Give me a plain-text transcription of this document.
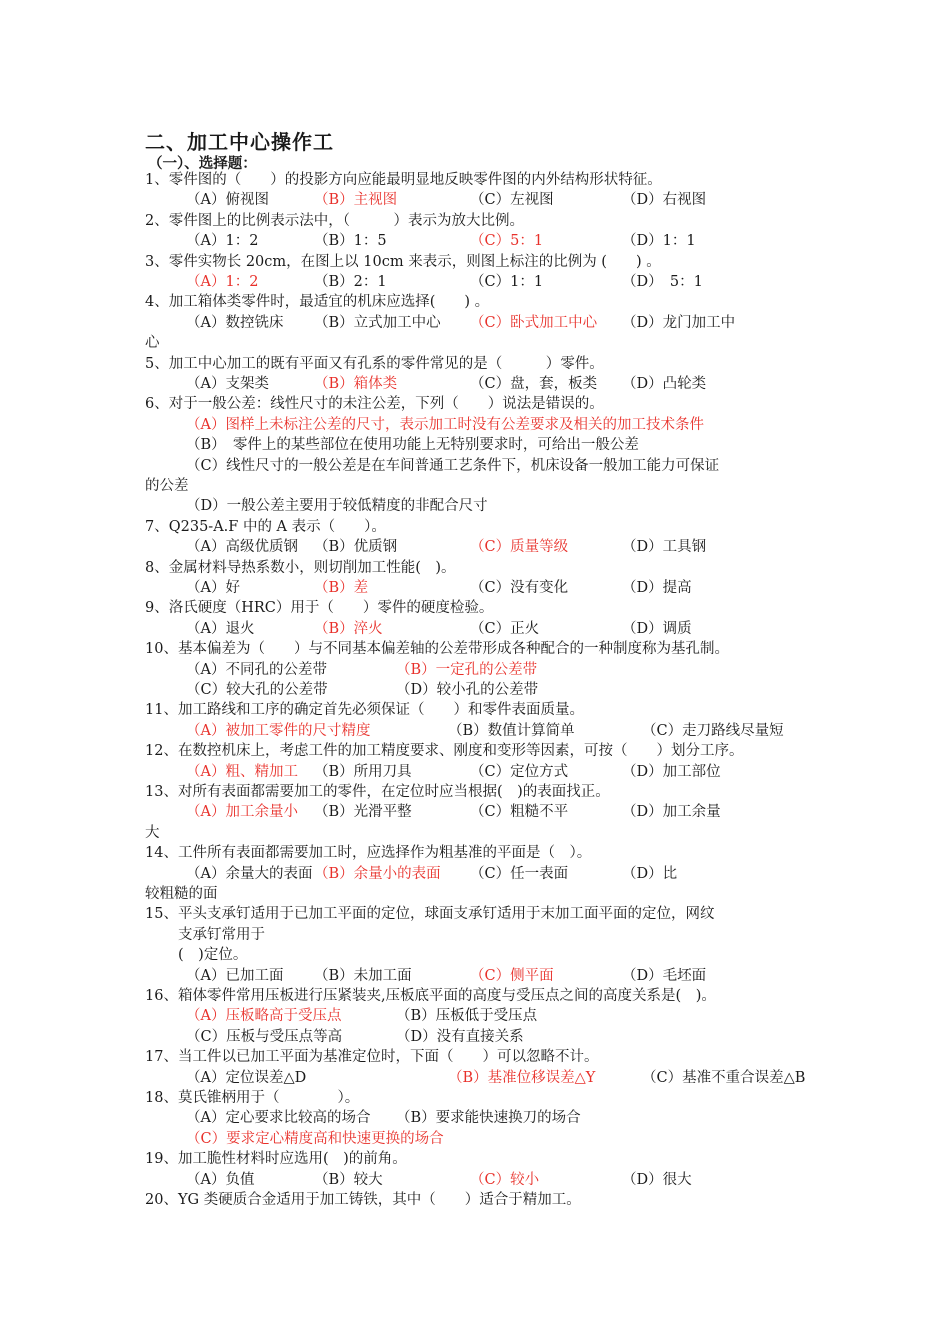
二、加工中心操作工
（一）、选择题：
1、零件图的（　　）的投影方向应能最明显地反映零件图的内外结构形状特征。
（A）俯视图	（B）主视图	（C）左视图	（D）右视图
2、零件图上的比例表示法中，（　　　）表示为放大比例。
（A）1：2	（B）1：5	（C）5：1	（D）1：1
3、零件实物长 20cm，在图上以 10cm 来表示，则图上标注的比例为 (　　) 。
（A）1：2	（B）2：1	（C）1：1	（D）　5：1
4、加工箱体类零件时，最适宜的机床应选择(　　) 。
（A）数控铣床 （B）立式加工中心 （C）卧式加工中心 （D）龙门加工中
心
5、加工中心加工的既有平面又有孔系的零件常见的是（　　　）零件。
（A）支架类	（B）箱体类	（C）盘，套，板类 （D）凸轮类
6、对于一般公差：线性尺寸的未注公差，下列（　　）说法是错误的。
（A）图样上未标注公差的尺寸，表示加工时没有公差要求及相关的加工技术条件
（B）　零件上的某些部位在使用功能上无特别要求时，可给出一般公差
（C）线性尺寸的一般公差是在车间普通工艺条件下，机床设备一般加工能力可保证
的公差
（D）一般公差主要用于较低精度的非配合尺寸
7、Q235-A.F 中的 A 表示（　　）。
（A）高级优质钢 （B）优质钢	（C）质量等级	（D）工具钢
8、金属材料导热系数小，则切削加工性能(　)。
（A）好	（B）差	（C）没有变化	（D）提高
9、洛氏硬度（HRC）用于（　　）零件的硬度检验。
（A）退火	（B）淬火	（C）正火	（D）调质
10、基本偏差为（　　）与不同基本偏差轴的公差带形成各种配合的一种制度称为基孔制。
（A）不同孔的公差带	（B）一定孔的公差带
（C）较大孔的公差带	（D）较小孔的公差带
11、加工路线和工序的确定首先必须保证（　　）和零件表面质量。
（A）被加工零件的尺寸精度	（B）数值计算简单	（C）走刀路线尽量短
12、在数控机床上，考虑工件的加工精度要求、刚度和变形等因素，可按（　　）划分工序。
（A）粗、精加工 （B）所用刀具	（C）定位方式	（D）加工部位
13、对所有表面都需要加工的零件，在定位时应当根据(　)的表面找正。
（A）加工余量小 （B）光滑平整	（C）粗糙不平	（D）加工余量
大
14、工件所有表面都需要加工时，应选择作为粗基准的平面是（　）。
（A）余量大的表面 （B）余量小的表面 （C）任一表面	（D）比
较粗糙的面
15、平头支承钉适用于已加工平面的定位，球面支承钉适用于末加工面平面的定位，网纹
支承钉常用于
(　)定位。
（A）已加工面 （B）未加工面	（C）侧平面	（D）毛坯面
16、箱体零件常用压板进行压紧装夹,压板底平面的高度与受压点之间的高度关系是(　)。
（A）压板略高于受压点	（B）压板低于受压点
（C）压板与受压点等高	（D）没有直接关系
17、当工件以已加工平面为基准定位时，下面（　　）可以忽略不计。
（A）定位误差△D	（B）基准位移误差△Y	（C）基准不重合误差△B
18、莫氏锥柄用于（　　　　）。
（A）定心要求比较高的场合 （B）要求能快速换刀的场合
（C）要求定心精度高和快速更换的场合
19、加工脆性材料时应选用(　)的前角。
（A）负值	（B）较大	（C）较小	（D）很大
20、YG 类硬质合金适用于加工铸铁，其中（　　）适合于精加工。
